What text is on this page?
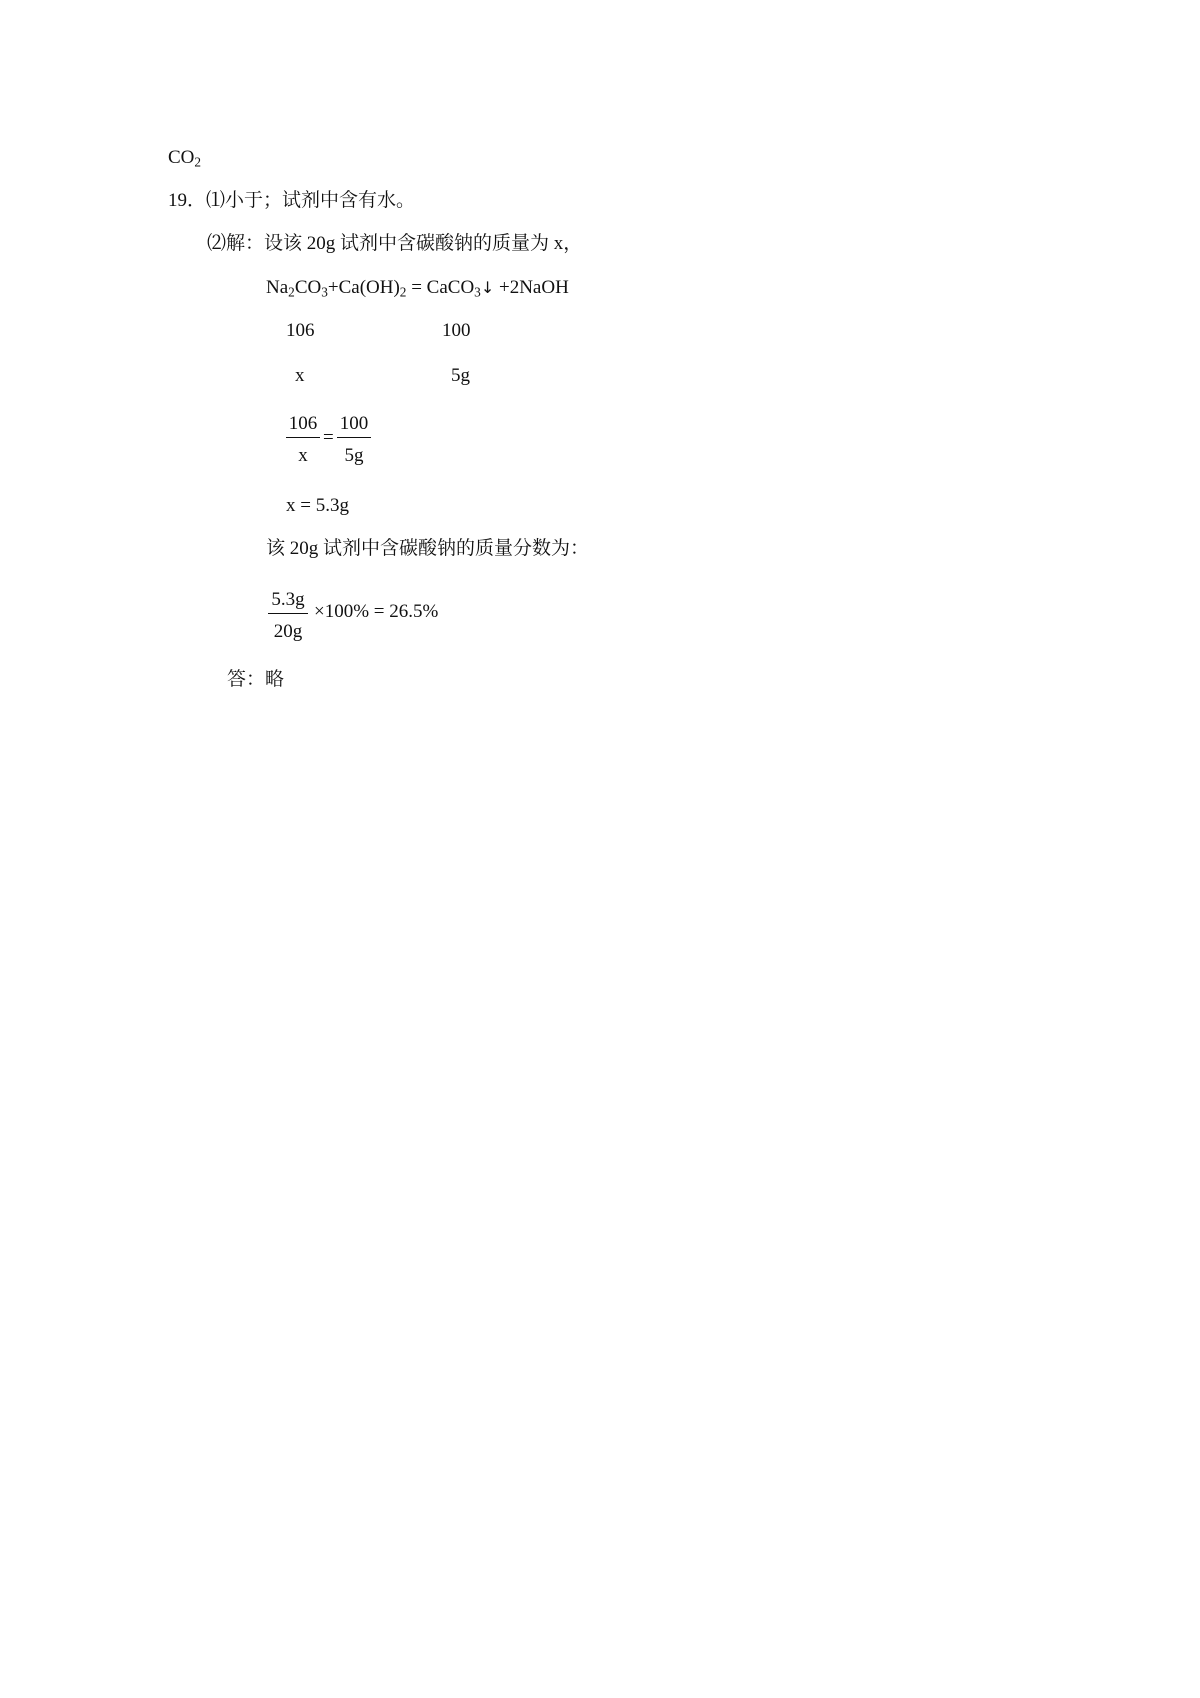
$CO_2$
19．⑴小于；试剂中含有水。
⑵解：设该 20g 试剂中含碳酸钠的质量为 x，
$Na_2CO_3+Ca(OH)_2$ = CaCO$_3$↓ +2NaOH
106	100
x	5g
$\frac{106}{x} = \frac{100}{5g}$
x = 5.3g
该 20g 试剂中含碳酸钠的质量分数为：
$\frac{5.3g}{20g} \times 100\% = 26.5\%$
答：略
